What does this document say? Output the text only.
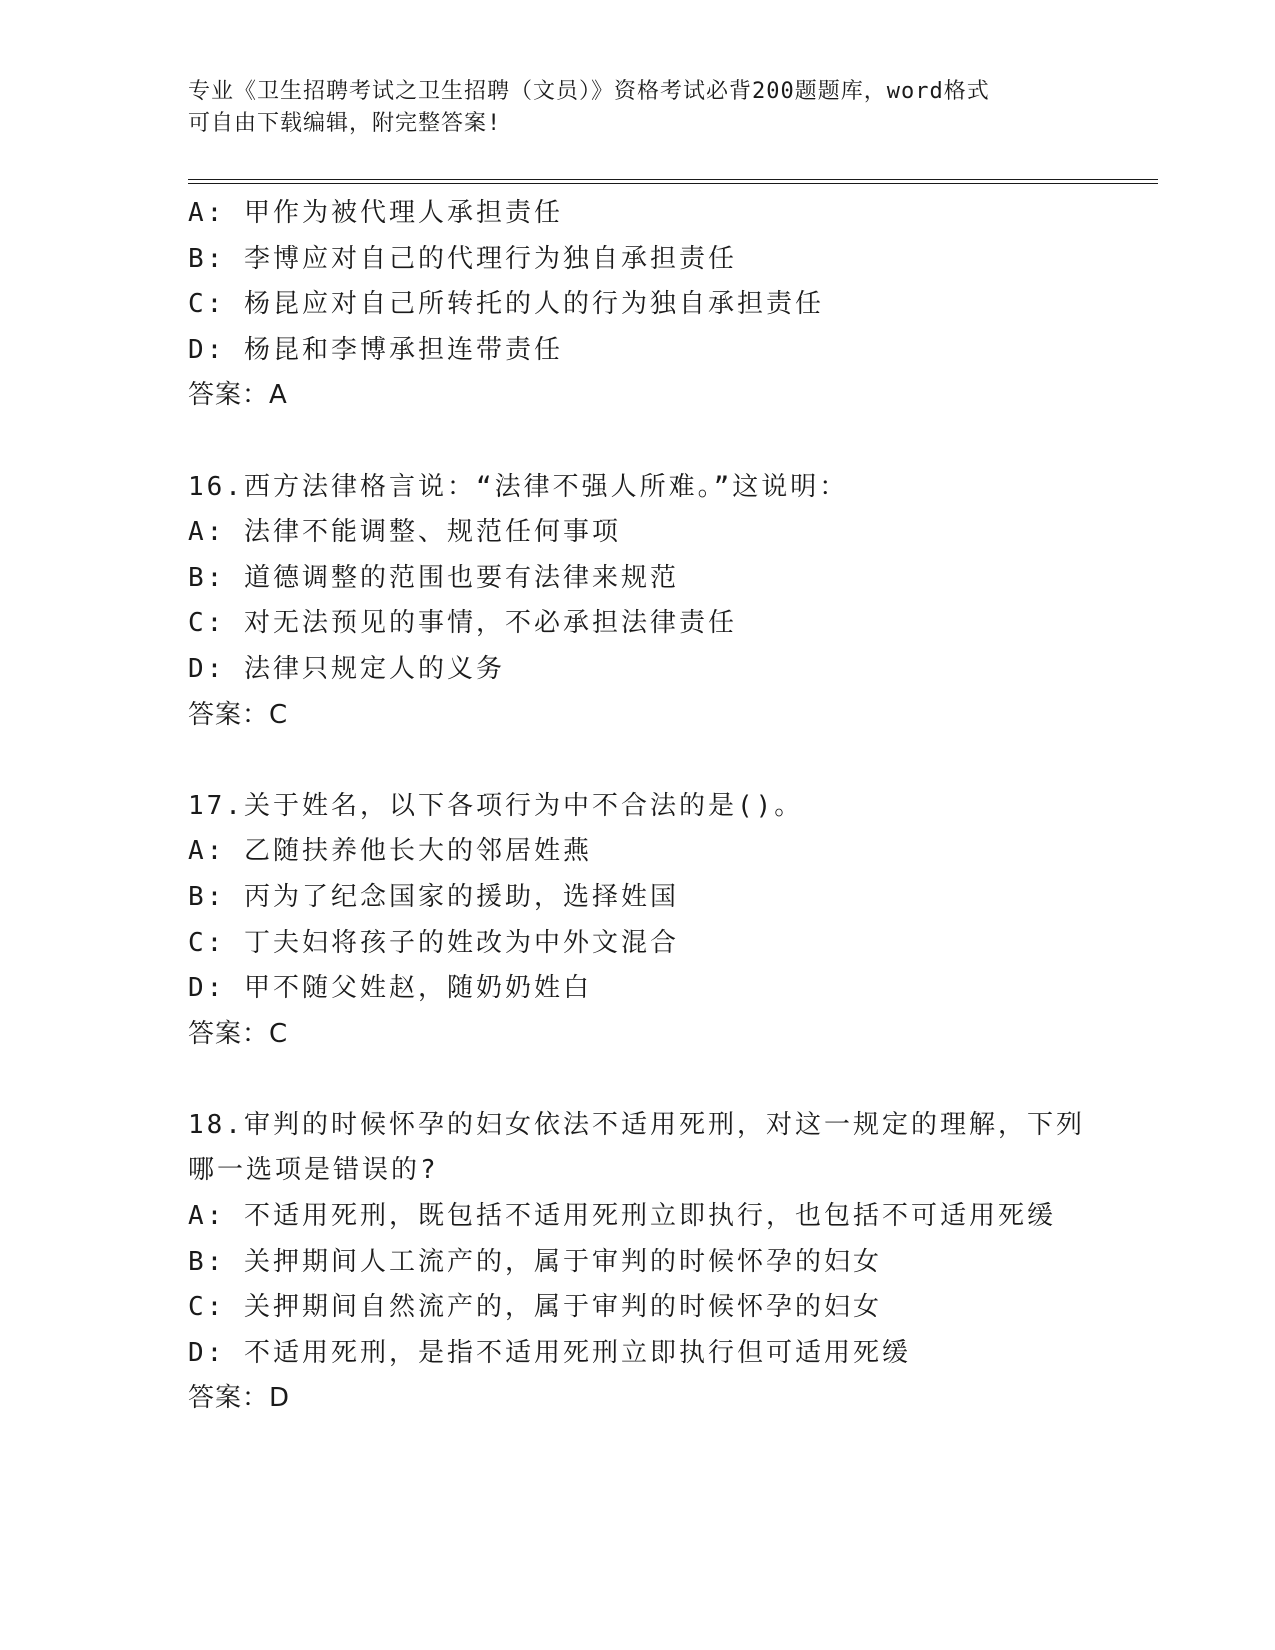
专业《卫生招聘考试之卫生招聘（文员）》资格考试必背200题题库，word格式
可自由下载编辑，附完整答案!
A: 甲作为被代理人承担责任
B: 李博应对自己的代理行为独自承担责任
C: 杨昆应对自己所转托的人的行为独自承担责任
D: 杨昆和李博承担连带责任
答案：A
16.西方法律格言说：“法律不强人所难。”这说明：
A: 法律不能调整、规范任何事项
B: 道德调整的范围也要有法律来规范
C: 对无法预见的事情，不必承担法律责任
D: 法律只规定人的义务
答案：C
17.关于姓名，以下各项行为中不合法的是()。
A: 乙随扶养他长大的邻居姓燕
B: 丙为了纪念国家的援助，选择姓国
C: 丁夫妇将孩子的姓改为中外文混合
D: 甲不随父姓赵，随奶奶姓白
答案：C
18.审判的时候怀孕的妇女依法不适用死刑，对这一规定的理解，下列
哪一选项是错误的?
A: 不适用死刑，既包括不适用死刑立即执行，也包括不可适用死缓
B: 关押期间人工流产的，属于审判的时候怀孕的妇女
C: 关押期间自然流产的，属于审判的时候怀孕的妇女
D: 不适用死刑，是指不适用死刑立即执行但可适用死缓
答案：D
